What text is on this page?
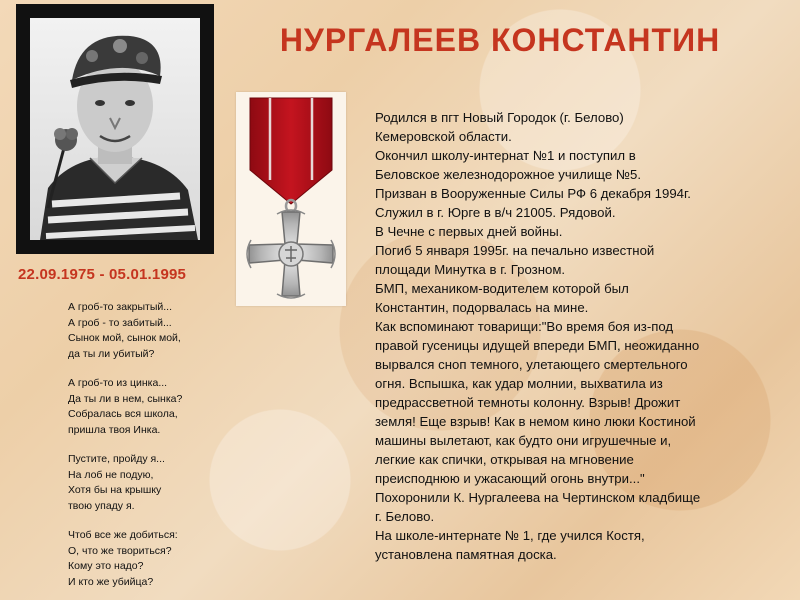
22.09.1975 - 05.01.1995
А гроб-то закрытый...
А гроб - то забитый...
Сынок мой, сынок мой,
да ты ли убитый?
А гроб-то из цинка...
Да ты ли в нем, сынка?
Собралась вся школа,
пришла твоя Инка.
Пустите, пройду я...
На лоб не подую,
Хотя бы на крышку
твою упаду я.
Чтоб все же добиться:
О, что же твориться?
Кому это надо?
И кто же убийца?
НУРГАЛЕЕВ КОНСТАНТИН
Родился в пгт Новый Городок (г. Белово)
Кемеровской области.
Окончил школу-интернат №1 и поступил в
Беловское железнодорожное училище №5.
Призван в Вооруженные Силы РФ 6 декабря 1994г.
Служил в г. Юрге в в/ч 21005. Рядовой.
В Чечне с первых дней войны.
Погиб 5 января 1995г. на печально известной
площади Минутка в г. Грозном.
БМП, механиком-водителем которой был
Константин, подорвалась на мине.
Как вспоминают товарищи:"Во время боя из-под
правой гусеницы идущей впереди БМП, неожиданно
вырвался сноп темного, улетающего смертельного
огня. Вспышка, как удар молнии, выхватила из
предрассветной темноты колонну. Взрыв! Дрожит
земля! Еще взрыв! Как в немом кино люки Костиной
машины вылетают, как будто они игрушечные и,
легкие как спички, открывая на мгновение
преисподнюю и ужасающий огонь внутри..."
Похоронили К. Нургалеева на Чертинском кладбище
г. Белово.
На школе-интернате № 1, где учился Костя,
установлена памятная доска.
